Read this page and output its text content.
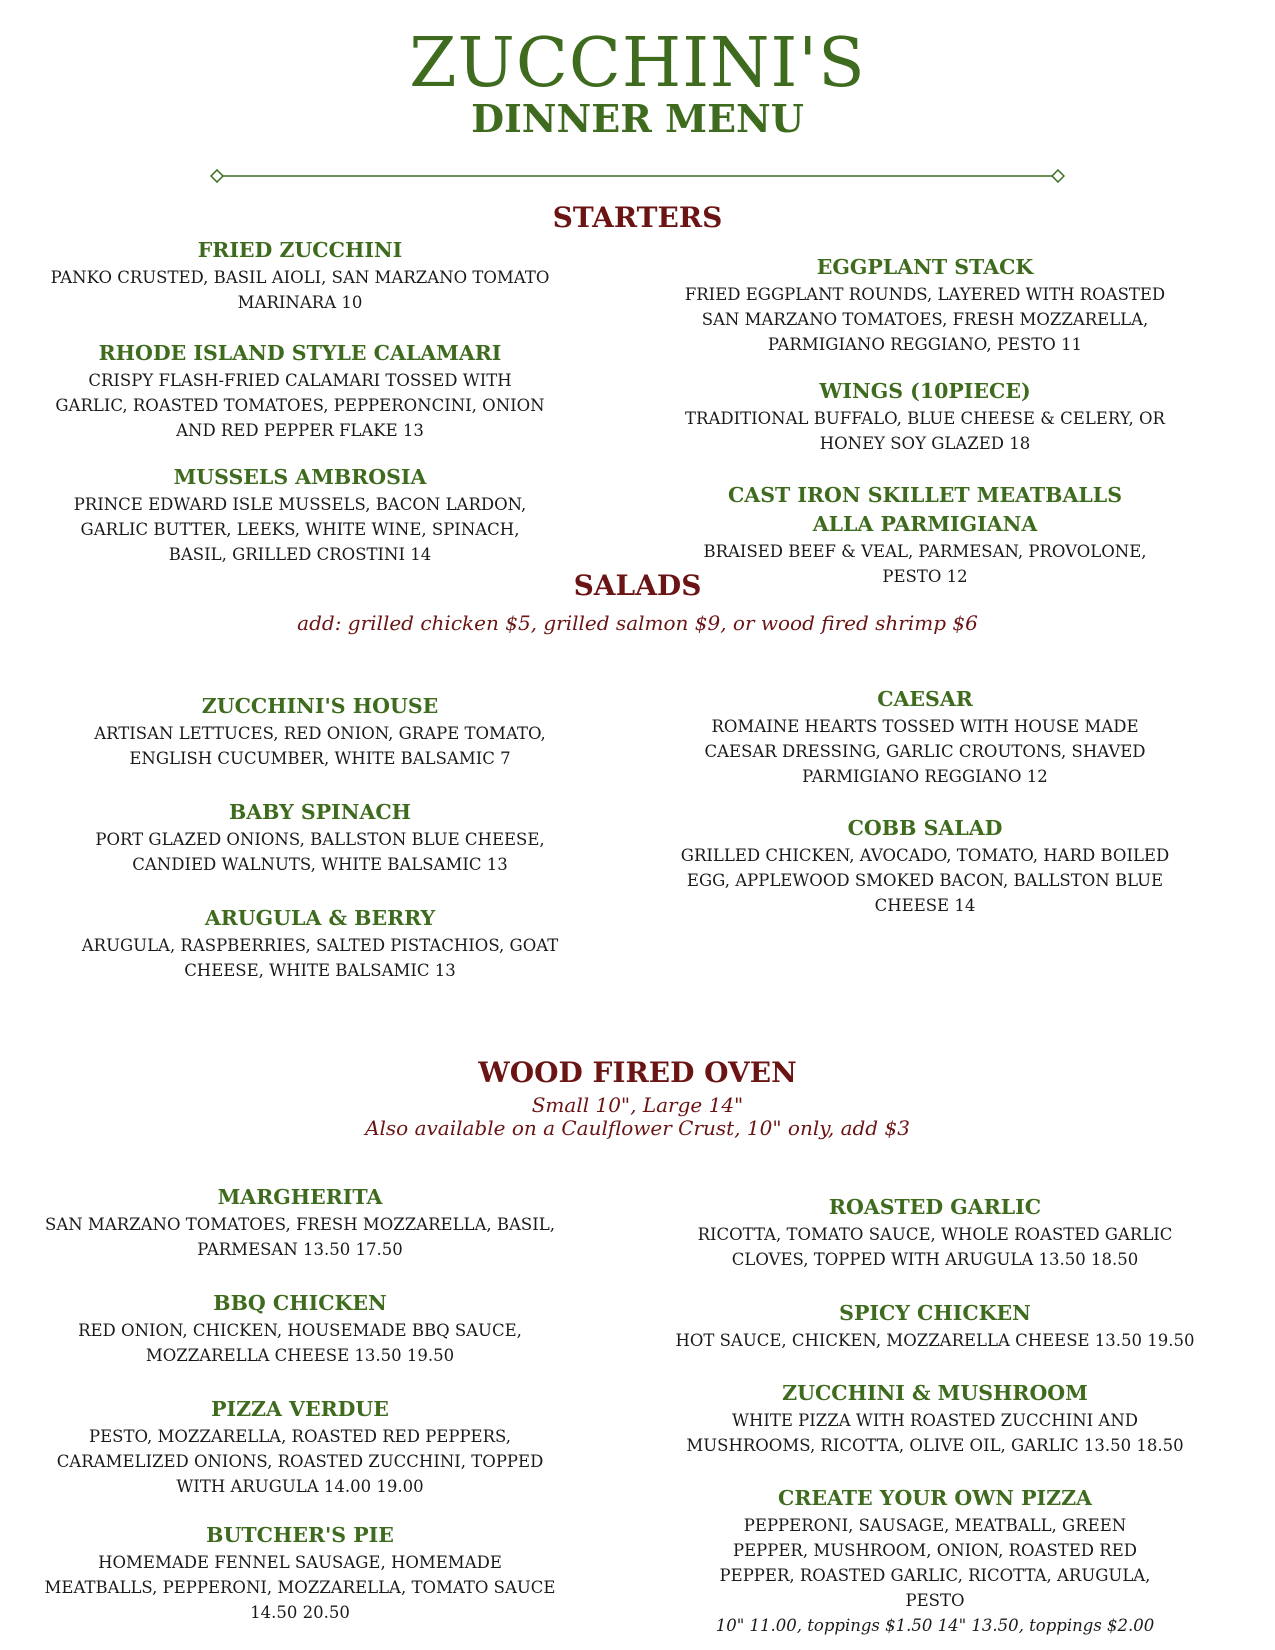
ZUCCHINI'S
DINNER MENU
STARTERS
FRIED ZUCCHINI
PANKO CRUSTED, BASIL AIOLI, SAN MARZANO TOMATO MARINARA 10
EGGPLANT STACK
FRIED EGGPLANT ROUNDS, LAYERED WITH ROASTED SAN MARZANO TOMATOES, FRESH MOZZARELLA, PARMIGIANO REGGIANO, PESTO 11
RHODE ISLAND STYLE CALAMARI
CRISPY FLASH-FRIED CALAMARI TOSSED WITH GARLIC, ROASTED TOMATOES, PEPPERONCINI, ONION AND RED PEPPER FLAKE 13
WINGS (10PIECE)
TRADITIONAL BUFFALO, BLUE CHEESE & CELERY, OR HONEY SOY GLAZED 18
MUSSELS AMBROSIA
PRINCE EDWARD ISLE MUSSELS, BACON LARDON, GARLIC BUTTER, LEEKS, WHITE WINE, SPINACH, BASIL, GRILLED CROSTINI 14
CAST IRON SKILLET MEATBALLS ALLA PARMIGIANA
BRAISED BEEF & VEAL, PARMESAN, PROVOLONE, PESTO 12
SALADS
add: grilled chicken $5, grilled salmon $9, or wood fired shrimp $6
ZUCCHINI'S HOUSE
ARTISAN LETTUCES, RED ONION, GRAPE TOMATO, ENGLISH CUCUMBER, WHITE BALSAMIC 7
CAESAR
ROMAINE HEARTS TOSSED WITH HOUSE MADE CAESAR DRESSING, GARLIC CROUTONS, SHAVED PARMIGIANO REGGIANO 12
BABY SPINACH
PORT GLAZED ONIONS, BALLSTON BLUE CHEESE, CANDIED WALNUTS, WHITE BALSAMIC 13
COBB SALAD
GRILLED CHICKEN, AVOCADO, TOMATO, HARD BOILED EGG, APPLEWOOD SMOKED BACON, BALLSTON BLUE CHEESE 14
ARUGULA & BERRY
ARUGULA, RASPBERRIES, SALTED PISTACHIOS, GOAT CHEESE, WHITE BALSAMIC 13
WOOD FIRED OVEN
Small 10", Large 14"
Also available on a Caulflower Crust, 10" only, add $3
MARGHERITA
SAN MARZANO TOMATOES, FRESH MOZZARELLA, BASIL, PARMESAN 13.50 17.50
ROASTED GARLIC
RICOTTA, TOMATO SAUCE, WHOLE ROASTED GARLIC CLOVES, TOPPED WITH ARUGULA 13.50 18.50
BBQ CHICKEN
RED ONION, CHICKEN, HOUSEMADE BBQ SAUCE, MOZZARELLA CHEESE 13.50 19.50
SPICY CHICKEN
HOT SAUCE, CHICKEN, MOZZARELLA CHEESE 13.50 19.50
PIZZA VERDUE
PESTO, MOZZARELLA, ROASTED RED PEPPERS, CARAMELIZED ONIONS, ROASTED ZUCCHINI, TOPPED WITH ARUGULA 14.00 19.00
ZUCCHINI & MUSHROOM
WHITE PIZZA WITH ROASTED ZUCCHINI AND MUSHROOMS, RICOTTA, OLIVE OIL, GARLIC 13.50 18.50
BUTCHER'S PIE
HOMEMADE FENNEL SAUSAGE, HOMEMADE MEATBALLS, PEPPERONI, MOZZARELLA, TOMATO SAUCE 14.50 20.50
CREATE YOUR OWN PIZZA
PEPPERONI, SAUSAGE, MEATBALL, GREEN PEPPER, MUSHROOM, ONION, ROASTED RED PEPPER, ROASTED GARLIC, RICOTTA, ARUGULA, PESTO
10" 11.00, toppings $1.50 14" 13.50, toppings $2.00
